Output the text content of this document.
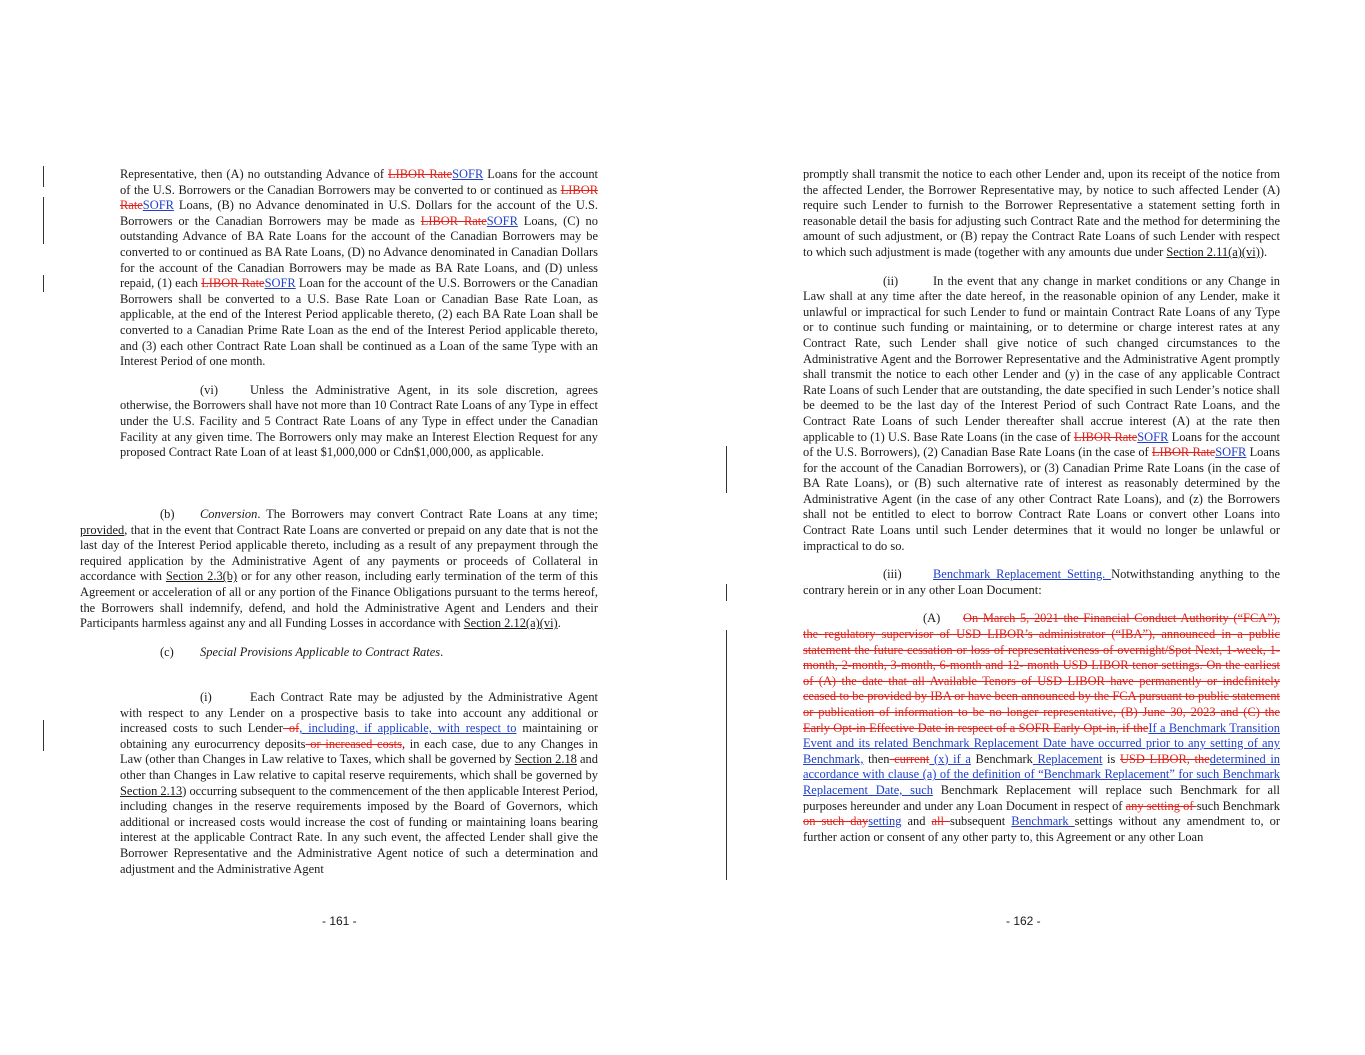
Representative, then (A) no outstanding Advance of LIBOR RateSOFR Loans for the account of the U.S. Borrowers or the Canadian Borrowers may be converted to or continued as LIBOR RateSOFR Loans, (B) no Advance denominated in U.S. Dollars for the account of the U.S. Borrowers or the Canadian Borrowers may be made as LIBOR RateSOFR Loans, (C) no outstanding Advance of BA Rate Loans for the account of the Canadian Borrowers may be converted to or continued as BA Rate Loans, (D) no Advance denominated in Canadian Dollars for the account of the Canadian Borrowers may be made as BA Rate Loans, and (D) unless repaid, (1) each LIBOR RateSOFR Loan for the account of the U.S. Borrowers or the Canadian Borrowers shall be converted to a U.S. Base Rate Loan or Canadian Base Rate Loan, as applicable, at the end of the Interest Period applicable thereto, (2) each BA Rate Loan shall be converted to a Canadian Prime Rate Loan as the end of the Interest Period applicable thereto, and (3) each other Contract Rate Loan shall be continued as a Loan of the same Type with an Interest Period of one month.

(vi)	Unless the Administrative Agent, in its sole discretion, agrees otherwise, the Borrowers shall have not more than 10 Contract Rate Loans of any Type in effect under the U.S. Facility and 5 Contract Rate Loans of any Type in effect under the Canadian Facility at any given time. The Borrowers only may make an Interest Election Request for any proposed Contract Rate Loan of at least $1,000,000 or Cdn$1,000,000, as applicable.

(b) Conversion. The Borrowers may convert Contract Rate Loans at any time; provided, that in the event that Contract Rate Loans are converted or prepaid on any date that is not the last day of the Interest Period applicable thereto, including as a result of any prepayment through the required application by the Administrative Agent of any payments or proceeds of Collateral in accordance with Section 2.3(b) or for any other reason, including early termination of the term of this Agreement or acceleration of all or any portion of the Finance Obligations pursuant to the terms hereof, the Borrowers shall indemnify, defend, and hold the Administrative Agent and Lenders and their Participants harmless against any and all Funding Losses in accordance with Section 2.12(a)(vi).

(c) Special Provisions Applicable to Contract Rates.

(i)	Each Contract Rate may be adjusted by the Administrative Agent with respect to any Lender on a prospective basis to take into account any additional or increased costs to such Lender of, including, if applicable, with respect to maintaining or obtaining any eurocurrency deposits or increased costs, in each case, due to any Changes in Law (other than Changes in Law relative to Taxes, which shall be governed by Section 2.18 and other than Changes in Law relative to capital reserve requirements, which shall be governed by Section 2.13) occurring subsequent to the commencement of the then applicable Interest Period, including changes in the reserve requirements imposed by the Board of Governors, which additional or increased costs would increase the cost of funding or maintaining loans bearing interest at the applicable Contract Rate. In any such event, the affected Lender shall give the Borrower Representative and the Administrative Agent notice of such a determination and adjustment and the Administrative Agent

- 161 -

promptly shall transmit the notice to each other Lender and, upon its receipt of the notice from the affected Lender, the Borrower Representative may, by notice to such affected Lender (A) require such Lender to furnish to the Borrower Representative a statement setting forth in reasonable detail the basis for adjusting such Contract Rate and the method for determining the amount of such adjustment, or (B) repay the Contract Rate Loans of such Lender with respect to which such adjustment is made (together with any amounts due under Section 2.11(a)(vi)).

(ii)	In the event that any change in market conditions or any Change in Law shall at any time after the date hereof, in the reasonable opinion of any Lender, make it unlawful or impractical for such Lender to fund or maintain Contract Rate Loans of any Type or to continue such funding or maintaining, or to determine or charge interest rates at any Contract Rate, such Lender shall give notice of such changed circumstances to the Administrative Agent and the Borrower Representative and the Administrative Agent promptly shall transmit the notice to each other Lender and (y) in the case of any applicable Contract Rate Loans of such Lender that are outstanding, the date specified in such Lender’s notice shall be deemed to be the last day of the Interest Period of such Contract Rate Loans, and the Contract Rate Loans of such Lender thereafter shall accrue interest (A) at the rate then applicable to (1) U.S. Base Rate Loans (in the case of LIBOR RateSOFR Loans for the account of the U.S. Borrowers), (2) Canadian Base Rate Loans (in the case of LIBOR RateSOFR Loans for the account of the Canadian Borrowers), or (3) Canadian Prime Rate Loans (in the case of BA Rate Loans), or (B) such alternative rate of interest as reasonably determined by the Administrative Agent (in the case of any other Contract Rate Loans), and (z) the Borrowers shall not be entitled to elect to borrow Contract Rate Loans or convert other Loans into Contract Rate Loans until such Lender determines that it would no longer be unlawful or impractical to do so.

(iii)	Benchmark Replacement Setting. Notwithstanding anything to the contrary herein or in any other Loan Document:

(A) On March 5, 2021 the Financial Conduct Authority (“FCA”), the regulatory supervisor of USD LIBOR’s administrator (“IBA”), announced in a public statement the future cessation or loss of representativeness of overnight/Spot Next, 1-week, 1-month, 2-month, 3-month, 6-month and 12- month USD LIBOR tenor settings. On the earliest of (A) the date that all Available Tenors of USD LIBOR have permanently or indefinitely ceased to be provided by IBA or have been announced by the FCA pursuant to public statement or publication of information to be no longer representative, (B) June 30, 2023 and (C) the Early Opt-in Effective Date in respect of a SOFR Early Opt-in, if theIf a Benchmark Transition Event and its related Benchmark Replacement Date have occurred prior to any setting of any Benchmark, then current (x) if a Benchmark Replacement is USD LIBOR, thedetermined in accordance with clause (a) of the definition of “Benchmark Replacement” for such Benchmark Replacement Date, such Benchmark Replacement will replace such Benchmark for all purposes hereunder and under any Loan Document in respect of any setting of such Benchmark on such daysetting and all subsequent Benchmark settings without any amendment to, or further action or consent of any other party to, this Agreement or any other Loan

- 162 -
